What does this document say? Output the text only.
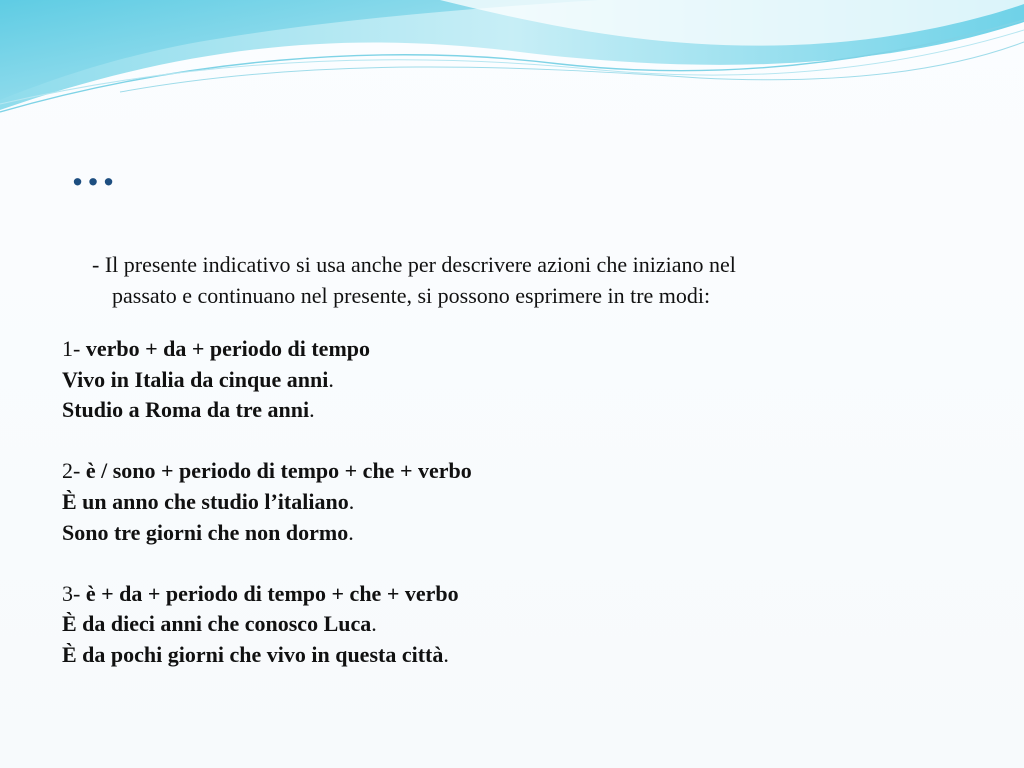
…

- Il presente indicativo si usa anche per descrivere azioni che iniziano nel
passato e continuano nel presente, si possono esprimere in tre modi:

1- verbo + da + periodo di tempo
Vivo in Italia da cinque anni.
Studio a Roma da tre anni.
2- è / sono + periodo di tempo + che + verbo
È un anno che studio l’italiano.
Sono tre giorni che non dormo.
3- è + da + periodo di tempo + che + verbo
È da dieci anni che conosco Luca.
È da pochi giorni che vivo in questa città.
